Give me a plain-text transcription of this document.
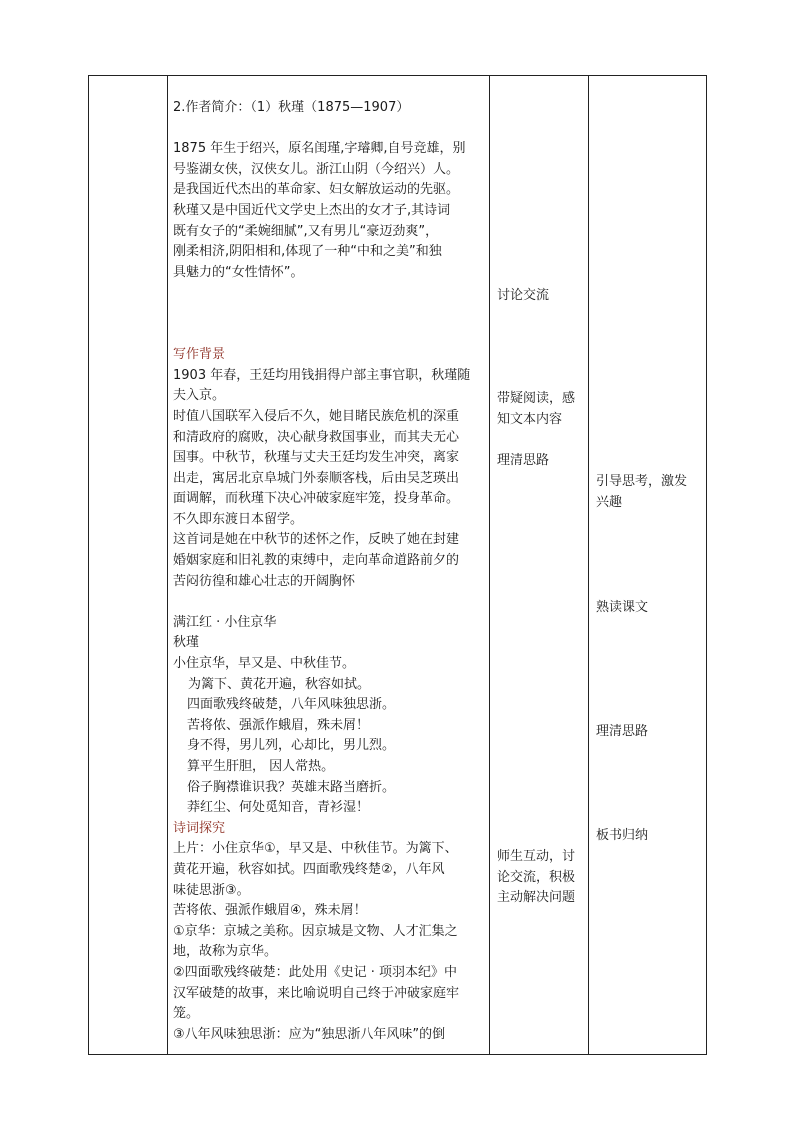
2.作者简介：（1）秋瑾（1875—1907）
1875 年生于绍兴，原名闺瑾,字璿卿,自号竞雄，别
号鉴湖女侠，汉侠女儿。浙江山阴（今绍兴）人。
是我国近代杰出的革命家、妇女解放运动的先驱。
秋瑾又是中国近代文学史上杰出的女才子,其诗词
既有女子的“柔婉细腻”,又有男儿“豪迈劲爽”，
刚柔相济,阴阳相和,体现了一种“中和之美”和独
具魅力的“女性情怀”。
写作背景
1903 年春，王廷均用钱捐得户部主事官职，秋瑾随
夫入京。
时值八国联军入侵后不久，她目睹民族危机的深重
和清政府的腐败，决心献身救国事业，而其夫无心
国事。中秋节，秋瑾与丈夫王廷均发生冲突，离家
出走，寓居北京阜城门外泰顺客栈，后由吴芝瑛出
面调解，而秋瑾下决心冲破家庭牢笼，投身革命。
不久即东渡日本留学。
这首词是她在中秋节的述怀之作，反映了她在封建
婚姻家庭和旧礼教的束缚中，走向革命道路前夕的
苦闷彷徨和雄心壮志的开阔胸怀
满江红 · 小住京华
秋瑾
小住京华，早又是、中秋佳节。
为篱下、黄花开遍，秋容如拭。
四面歌残终破楚，八年风味独思浙。
苦将侬、强派作蛾眉，殊未屑！
身不得，男儿列，心却比，男儿烈。
算平生肝胆， 因人常热。
俗子胸襟谁识我？英雄末路当磨折。
莽红尘、何处觅知音，青衫湿！
诗词探究
上片：小住京华①，早又是、中秋佳节。为篱下、
黄花开遍，秋容如拭。四面歌残终楚②，八年风
味徒思浙③。
苦将侬、强派作蛾眉④，殊未屑！
①京华：京城之美称。因京城是文物、人才汇集之
地，故称为京华。
②四面歌残终破楚：此处用《史记 · 项羽本纪》中
汉军破楚的故事，来比喻说明自己终于冲破家庭牢
笼。
③八年风味独思浙：应为“独思浙八年风味”的倒
讨论交流
带疑阅读，感
知文本内容
理清思路
师生互动，讨
论交流，积极
主动解决问题
引导思考，激发
兴趣
熟读课文
理清思路
板书归纳
